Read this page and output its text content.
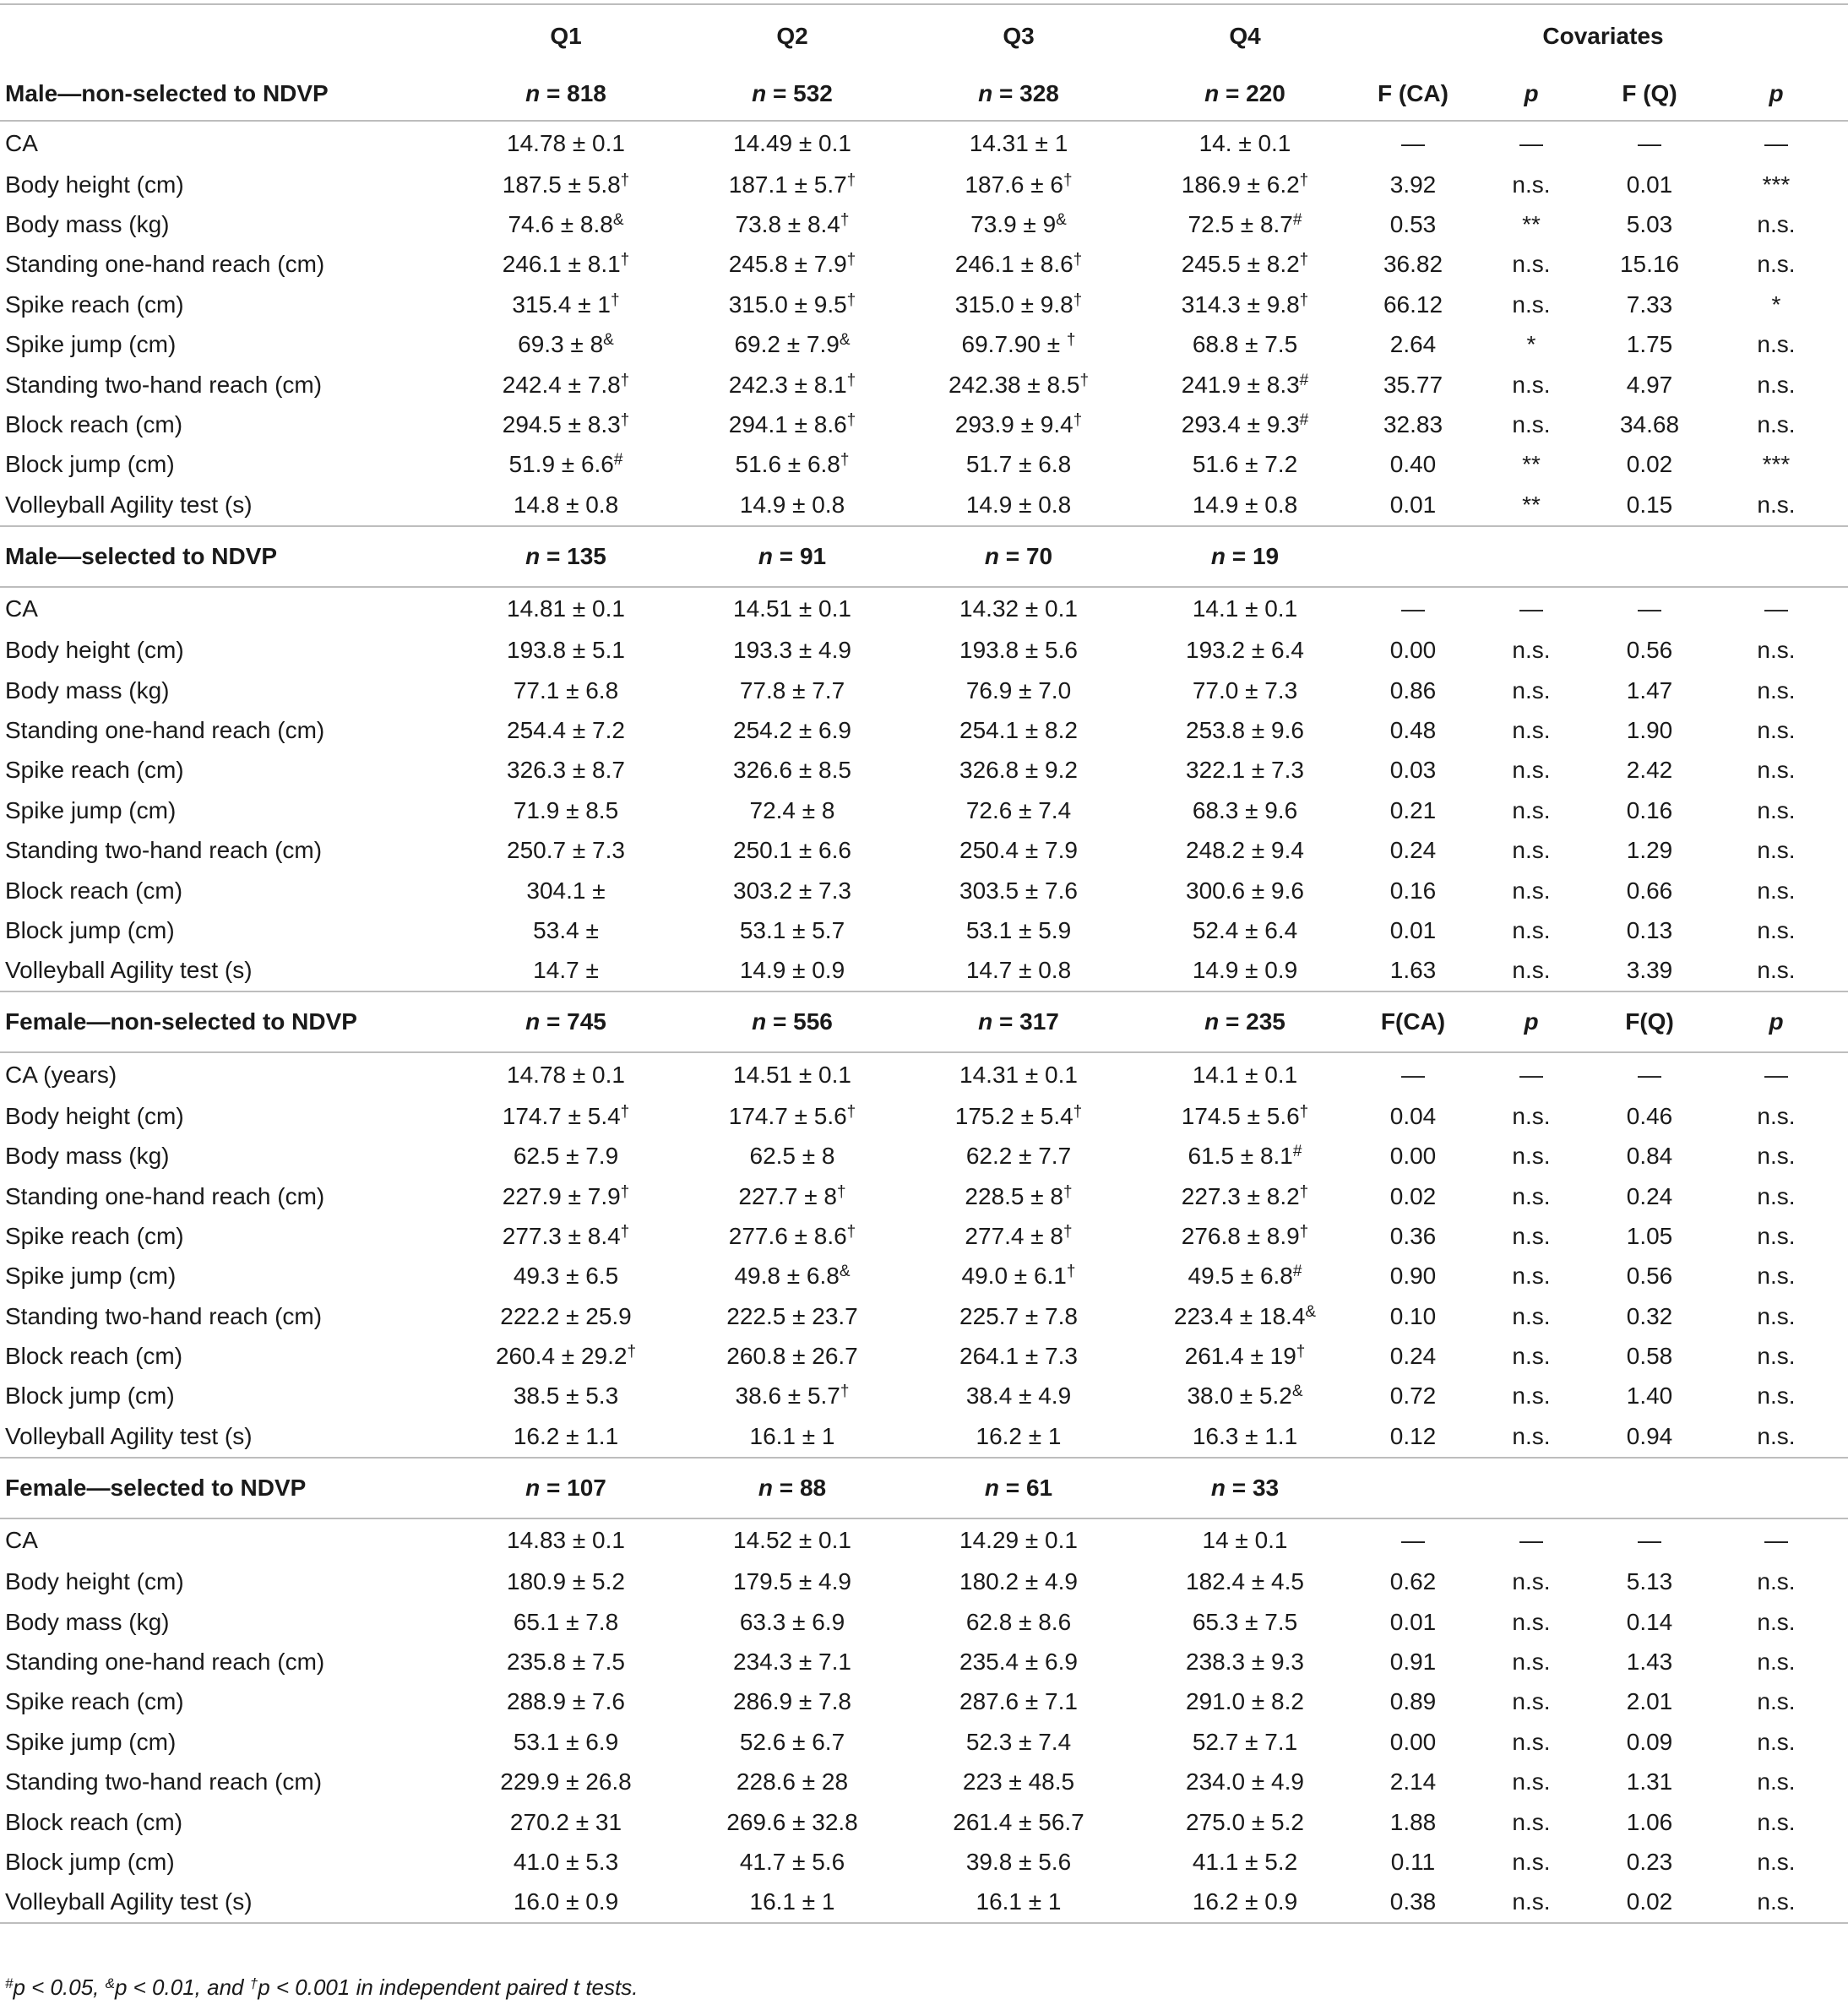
	Q1	Q2	Q3	Q4	Covariates			
Male—non-selected to NDVP	n = 818	n = 532	n = 328	n = 220	F (CA)	p	F (Q)	p
CA	14.78 ± 0.1	14.49 ± 0.1	14.31 ± 1	14. ± 0.1	—	—	—	—
Body height (cm)	187.5 ± 5.8†	187.1 ± 5.7†	187.6 ± 6†	186.9 ± 6.2†	3.92	n.s.	0.01	***
Body mass (kg)	74.6 ± 8.8&	73.8 ± 8.4†	73.9 ± 9&	72.5 ± 8.7#	0.53	**	5.03	n.s.
Standing one-hand reach (cm)	246.1 ± 8.1†	245.8 ± 7.9†	246.1 ± 8.6†	245.5 ± 8.2†	36.82	n.s.	15.16	n.s.
Spike reach (cm)	315.4 ± 1†	315.0 ± 9.5†	315.0 ± 9.8†	314.3 ± 9.8†	66.12	n.s.	7.33	*
Spike jump (cm)	69.3 ± 8&	69.2 ± 7.9&	69.7.90 ± †	68.8 ± 7.5	2.64	*	1.75	n.s.
Standing two-hand reach (cm)	242.4 ± 7.8†	242.3 ± 8.1†	242.38 ± 8.5†	241.9 ± 8.3#	35.77	n.s.	4.97	n.s.
Block reach (cm)	294.5 ± 8.3†	294.1 ± 8.6†	293.9 ± 9.4†	293.4 ± 9.3#	32.83	n.s.	34.68	n.s.
Block jump (cm)	51.9 ± 6.6#	51.6 ± 6.8†	51.7 ± 6.8	51.6 ± 7.2	0.40	**	0.02	***
Volleyball Agility test (s)	14.8 ± 0.8	14.9 ± 0.8	14.9 ± 0.8	14.9 ± 0.8	0.01	**	0.15	n.s.
Male—selected to NDVP	n = 135	n = 91	n = 70	n = 19				
CA	14.81 ± 0.1	14.51 ± 0.1	14.32 ± 0.1	14.1 ± 0.1	—	—	—	—
Body height (cm)	193.8 ± 5.1	193.3 ± 4.9	193.8 ± 5.6	193.2 ± 6.4	0.00	n.s.	0.56	n.s.
Body mass (kg)	77.1 ± 6.8	77.8 ± 7.7	76.9 ± 7.0	77.0 ± 7.3	0.86	n.s.	1.47	n.s.
Standing one-hand reach (cm)	254.4 ± 7.2	254.2 ± 6.9	254.1 ± 8.2	253.8 ± 9.6	0.48	n.s.	1.90	n.s.
Spike reach (cm)	326.3 ± 8.7	326.6 ± 8.5	326.8 ± 9.2	322.1 ± 7.3	0.03	n.s.	2.42	n.s.
Spike jump (cm)	71.9 ± 8.5	72.4 ± 8	72.6 ± 7.4	68.3 ± 9.6	0.21	n.s.	0.16	n.s.
Standing two-hand reach (cm)	250.7 ± 7.3	250.1 ± 6.6	250.4 ± 7.9	248.2 ± 9.4	0.24	n.s.	1.29	n.s.
Block reach (cm)	304.1 ±	303.2 ± 7.3	303.5 ± 7.6	300.6 ± 9.6	0.16	n.s.	0.66	n.s.
Block jump (cm)	53.4 ±	53.1 ± 5.7	53.1 ± 5.9	52.4 ± 6.4	0.01	n.s.	0.13	n.s.
Volleyball Agility test (s)	14.7 ±	14.9 ± 0.9	14.7 ± 0.8	14.9 ± 0.9	1.63	n.s.	3.39	n.s.
Female—non-selected to NDVP	n = 745	n = 556	n = 317	n = 235	F(CA)	p	F(Q)	p
CA (years)	14.78 ± 0.1	14.51 ± 0.1	14.31 ± 0.1	14.1 ± 0.1	—	—	—	—
Body height (cm)	174.7 ± 5.4†	174.7 ± 5.6†	175.2 ± 5.4†	174.5 ± 5.6†	0.04	n.s.	0.46	n.s.
Body mass (kg)	62.5 ± 7.9	62.5 ± 8	62.2 ± 7.7	61.5 ± 8.1#	0.00	n.s.	0.84	n.s.
Standing one-hand reach (cm)	227.9 ± 7.9†	227.7 ± 8†	228.5 ± 8†	227.3 ± 8.2†	0.02	n.s.	0.24	n.s.
Spike reach (cm)	277.3 ± 8.4†	277.6 ± 8.6†	277.4 ± 8†	276.8 ± 8.9†	0.36	n.s.	1.05	n.s.
Spike jump (cm)	49.3 ± 6.5	49.8 ± 6.8&	49.0 ± 6.1†	49.5 ± 6.8#	0.90	n.s.	0.56	n.s.
Standing two-hand reach (cm)	222.2 ± 25.9	222.5 ± 23.7	225.7 ± 7.8	223.4 ± 18.4&	0.10	n.s.	0.32	n.s.
Block reach (cm)	260.4 ± 29.2†	260.8 ± 26.7	264.1 ± 7.3	261.4 ± 19†	0.24	n.s.	0.58	n.s.
Block jump (cm)	38.5 ± 5.3	38.6 ± 5.7†	38.4 ± 4.9	38.0 ± 5.2&	0.72	n.s.	1.40	n.s.
Volleyball Agility test (s)	16.2 ± 1.1	16.1 ± 1	16.2 ± 1	16.3 ± 1.1	0.12	n.s.	0.94	n.s.
Female—selected to NDVP	n = 107	n = 88	n = 61	n = 33				
CA	14.83 ± 0.1	14.52 ± 0.1	14.29 ± 0.1	14 ± 0.1	—	—	—	—
Body height (cm)	180.9 ± 5.2	179.5 ± 4.9	180.2 ± 4.9	182.4 ± 4.5	0.62	n.s.	5.13	n.s.
Body mass (kg)	65.1 ± 7.8	63.3 ± 6.9	62.8 ± 8.6	65.3 ± 7.5	0.01	n.s.	0.14	n.s.
Standing one-hand reach (cm)	235.8 ± 7.5	234.3 ± 7.1	235.4 ± 6.9	238.3 ± 9.3	0.91	n.s.	1.43	n.s.
Spike reach (cm)	288.9 ± 7.6	286.9 ± 7.8	287.6 ± 7.1	291.0 ± 8.2	0.89	n.s.	2.01	n.s.
Spike jump (cm)	53.1 ± 6.9	52.6 ± 6.7	52.3 ± 7.4	52.7 ± 7.1	0.00	n.s.	0.09	n.s.
Standing two-hand reach (cm)	229.9 ± 26.8	228.6 ± 28	223 ± 48.5	234.0 ± 4.9	2.14	n.s.	1.31	n.s.
Block reach (cm)	270.2 ± 31	269.6 ± 32.8	261.4 ± 56.7	275.0 ± 5.2	1.88	n.s.	1.06	n.s.
Block jump (cm)	41.0 ± 5.3	41.7 ± 5.6	39.8 ± 5.6	41.1 ± 5.2	0.11	n.s.	0.23	n.s.
Volleyball Agility test (s)	16.0 ± 0.9	16.1 ± 1	16.1 ± 1	16.2 ± 0.9	0.38	n.s.	0.02	n.s.
#p < 0.05, &p < 0.01, and †p < 0.001 in independent paired t tests.
